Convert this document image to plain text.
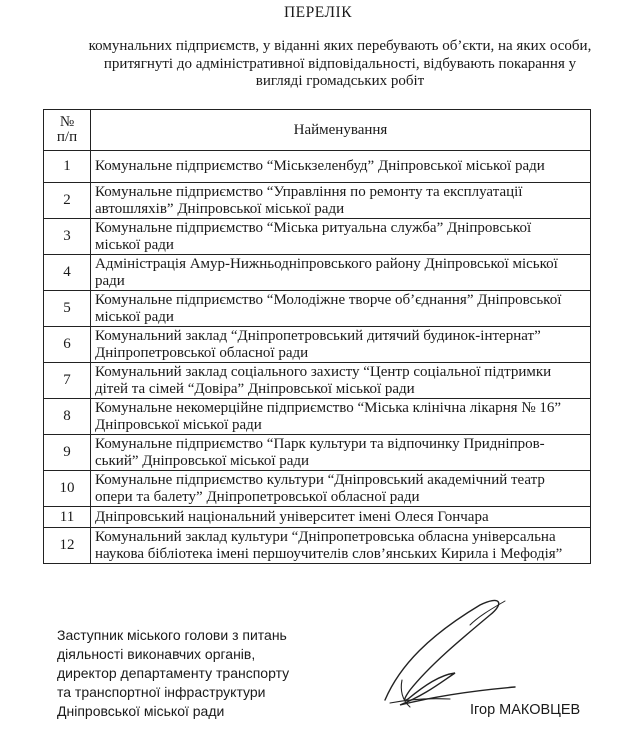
ПЕРЕЛІК
комунальних підприємств, у віданні яких перебувають об’єкти, на яких особи,
притягнуті до адміністративної відповідальності, відбувають покарання у
вигляді громадських робіт
№
п/п	Найменування
1	Комунальне підприємство “Міськзеленбуд” Дніпровської міської ради

2	Комунальне підприємство “Управління по ремонту та експлуатації
автошляхів” Дніпровської міської ради

3	Комунальне підприємство “Міська ритуальна служба” Дніпровської
міської ради

4	Адміністрація Амур-Нижньодніпровського району Дніпровської міської
ради

5	Комунальне підприємство “Молодіжне творче об’єднання” Дніпровської
міської ради

6	Комунальний заклад “Дніпропетровський дитячий будинок-інтернат”
Дніпропетровської обласної ради

7	Комунальний заклад соціального захисту “Центр соціальної підтримки
дітей та сімей “Довіра” Дніпровської міської ради

8	Комунальне некомерційне підприємство “Міська клінічна лікарня № 16”
Дніпровської міської ради

9	Комунальне підприємство “Парк культури та відпочинку Придніпров-
ський” Дніпровської міської ради

10	Комунальне підприємство культури “Дніпровський академічний театр
опери та балету” Дніпропетровської обласної ради

11	Дніпровський національний університет імені Олеся Гончара

12	Комунальний заклад культури “Дніпропетровська обласна універсальна
наукова бібліотека імені першоучителів слов’янських Кирила і Мефодія”
Заступник міського голови з питань
діяльності виконавчих органів,
директор департаменту транспорту
та транспортної інфраструктури
Дніпровської міської ради	Ігор МАКОВЦЕВ
